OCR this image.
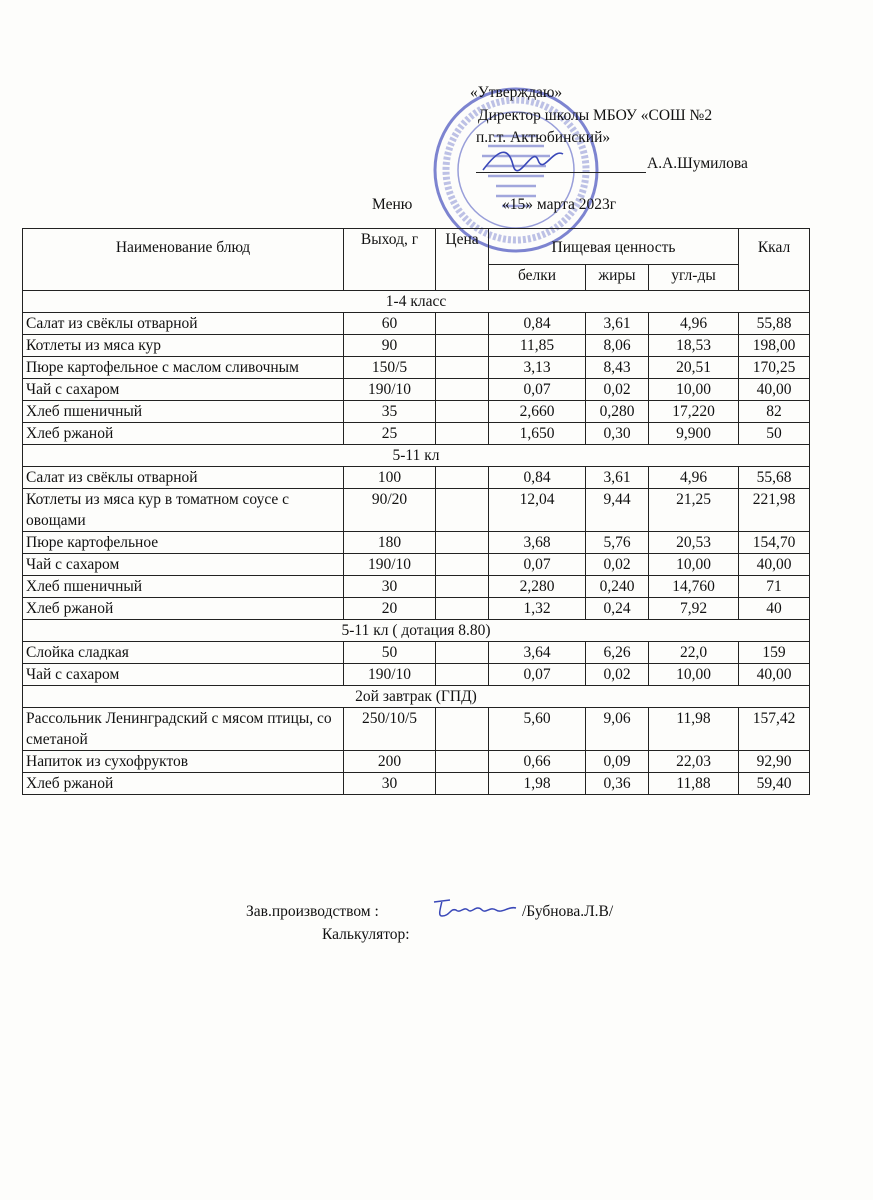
«Утверждаю»
Директор школы МБОУ «СОШ №2
п.г.т. Актюбинский»
А.А.Шумилова
Меню	«15» марта 2023г
Наименование блюд	Выход, г	Цена	Пищевая ценность			Ккал
			белки	жиры	угл-ды	
1-4 класс						
Салат из свёклы отварной	60		0,84	3,61	4,96	55,88
Котлеты из мяса кур	90		11,85	8,06	18,53	198,00
Пюре картофельное с маслом сливочным	150/5		3,13	8,43	20,51	170,25
Чай с сахаром	190/10		0,07	0,02	10,00	40,00
Хлеб пшеничный	35		2,660	0,280	17,220	82
Хлеб ржаной	25		1,650	0,30	9,900	50
5-11 кл						
Салат из свёклы отварной	100		0,84	3,61	4,96	55,68
Котлеты из мяса кур в томатном соусе с овощами	90/20		12,04	9,44	21,25	221,98
Пюре картофельное	180		3,68	5,76	20,53	154,70
Чай с сахаром	190/10		0,07	0,02	10,00	40,00
Хлеб пшеничный	30		2,280	0,240	14,760	71
Хлеб ржаной	20		1,32	0,24	7,92	40
5-11 кл ( дотация 8.80)						
Слойка сладкая	50		3,64	6,26	22,0	159
Чай с сахаром	190/10		0,07	0,02	10,00	40,00
2ой завтрак (ГПД)						
Рассольник Ленинградский с мясом птицы, со сметаной	250/10/5		5,60	9,06	11,98	157,42
Напиток из сухофруктов	200		0,66	0,09	22,03	92,90
Хлеб ржаной	30		1,98	0,36	11,88	59,40
Зав.производством :	/Бубнова.Л.В/
Калькулятор:
